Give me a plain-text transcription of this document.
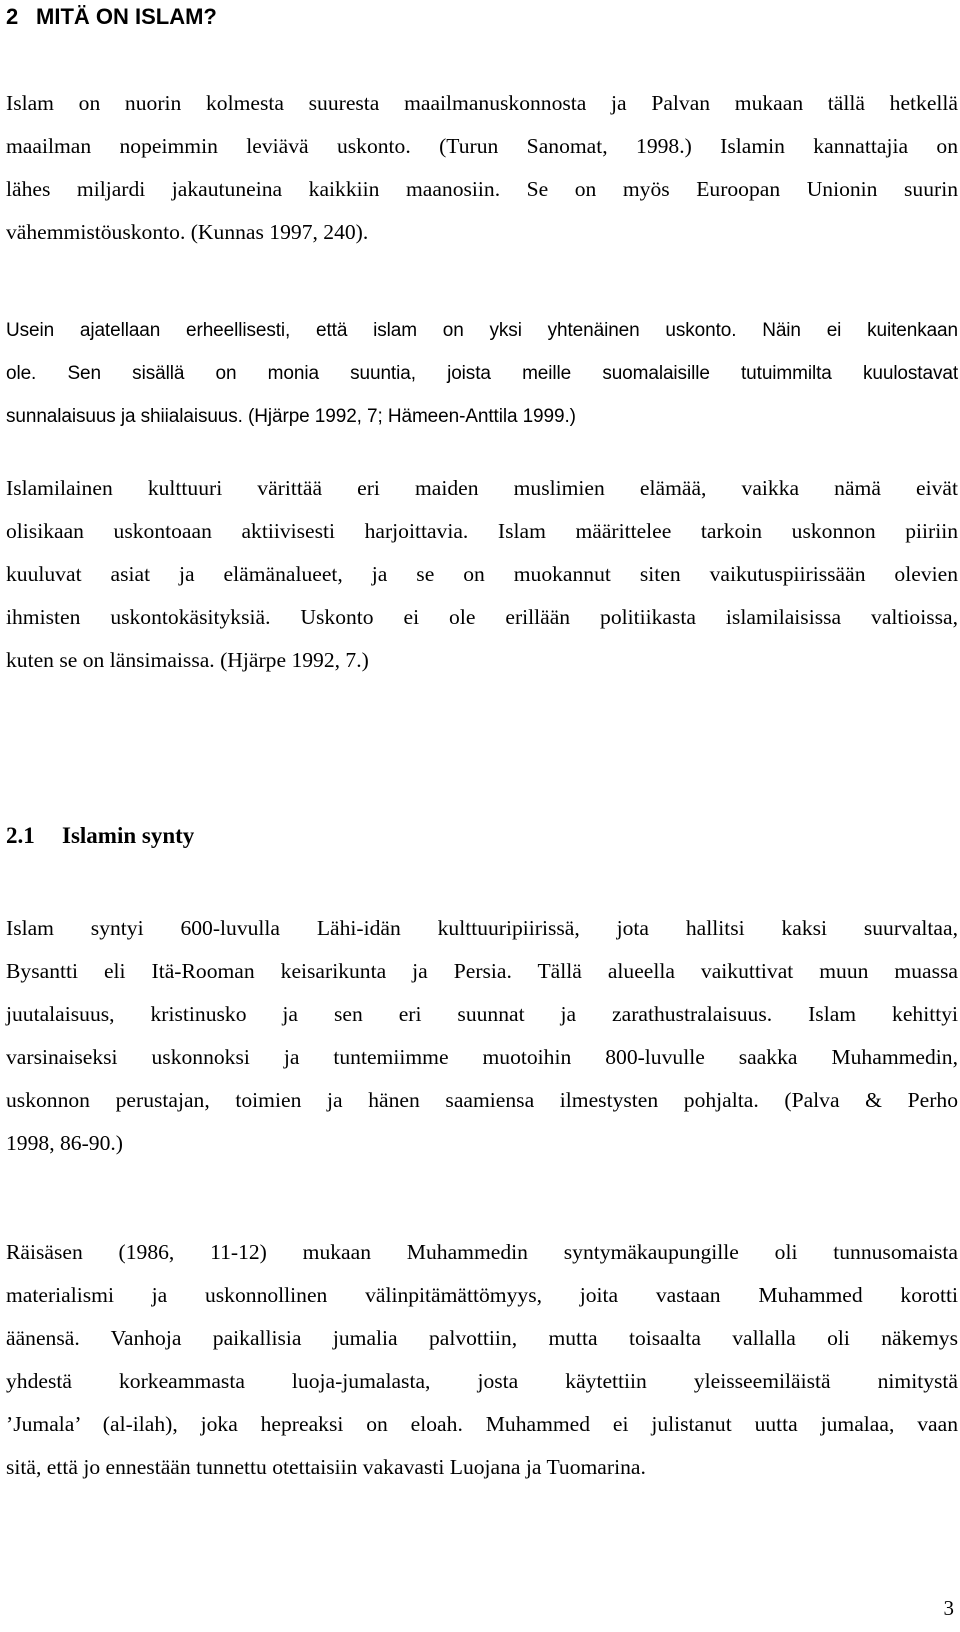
2 MITÄ ON ISLAM?
Islam on nuorin kolmesta suuresta maailmanuskonnosta ja Palvan mukaan tällä hetkellä
maailman nopeimmin leviävä uskonto. (Turun Sanomat, 1998.) Islamin kannattajia on
lähes miljardi jakautuneina kaikkiin maanosiin. Se on myös Euroopan Unionin suurin
vähemmistöuskonto. (Kunnas 1997, 240).
Usein ajatellaan erheellisesti, että islam on yksi yhtenäinen uskonto. Näin ei kuitenkaan
ole. Sen sisällä on monia suuntia, joista meille suomalaisille tutuimmilta kuulostavat
sunnalaisuus ja shiialaisuus. (Hjärpe 1992, 7; Hämeen-Anttila 1999.)
Islamilainen kulttuuri värittää eri maiden muslimien elämää, vaikka nämä eivät
olisikaan uskontoaan aktiivisesti harjoittavia. Islam määrittelee tarkoin uskonnon piiriin
kuuluvat asiat ja elämänalueet, ja se on muokannut siten vaikutuspiirissään olevien
ihmisten uskontokäsityksiä. Uskonto ei ole erillään politiikasta islamilaisissa valtioissa,
kuten se on länsimaissa. (Hjärpe 1992, 7.)
2.1 Islamin synty
Islam syntyi 600-luvulla Lähi-idän kulttuuripiirissä, jota hallitsi kaksi suurvaltaa,
Bysantti eli Itä-Rooman keisarikunta ja Persia. Tällä alueella vaikuttivat muun muassa
juutalaisuus, kristinusko ja sen eri suunnat ja zarathustralaisuus. Islam kehittyi
varsinaiseksi uskonnoksi ja tuntemiimme muotoihin 800-luvulle saakka Muhammedin,
uskonnon perustajan, toimien ja hänen saamiensa ilmestysten pohjalta. (Palva & Perho
1998, 86-90.)
Räisäsen (1986, 11-12) mukaan Muhammedin syntymäkaupungille oli tunnusomaista
materialismi ja uskonnollinen välinpitämättömyys, joita vastaan Muhammed korotti
äänensä. Vanhoja paikallisia jumalia palvottiin, mutta toisaalta vallalla oli näkemys
yhdestä korkeammasta luoja-jumalasta, josta käytettiin yleisseemiläistä nimitystä
’Jumala’ (al-ilah), joka hepreaksi on eloah. Muhammed ei julistanut uutta jumalaa, vaan
sitä, että jo ennestään tunnettu otettaisiin vakavasti Luojana ja Tuomarina.
3
